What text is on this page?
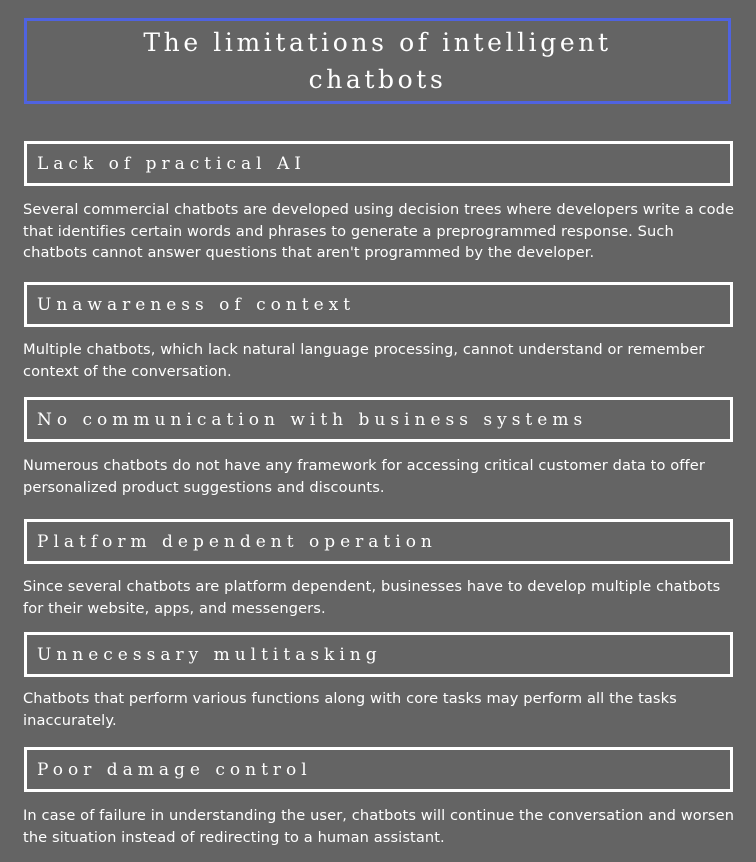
The limitations of intelligent chatbots
Lack of practical AI
Several commercial chatbots are developed using decision trees where developers write a code that identifies certain words and phrases to generate a preprogrammed response. Such chatbots cannot answer questions that aren't programmed by the developer.
Unawareness of context
Multiple chatbots, which lack natural language processing, cannot understand or remember context of the conversation.
No communication with business systems
Numerous chatbots do not have any framework for accessing critical customer data to offer personalized product suggestions and discounts.
Platform dependent operation
Since several chatbots are platform dependent, businesses have to develop multiple chatbots for their website, apps, and messengers.
Unnecessary multitasking
Chatbots that perform various functions along with core tasks may perform all the tasks inaccurately.
Poor damage control
In case of failure in understanding the user, chatbots will continue the conversation and worsen the situation instead of redirecting to a human assistant.
